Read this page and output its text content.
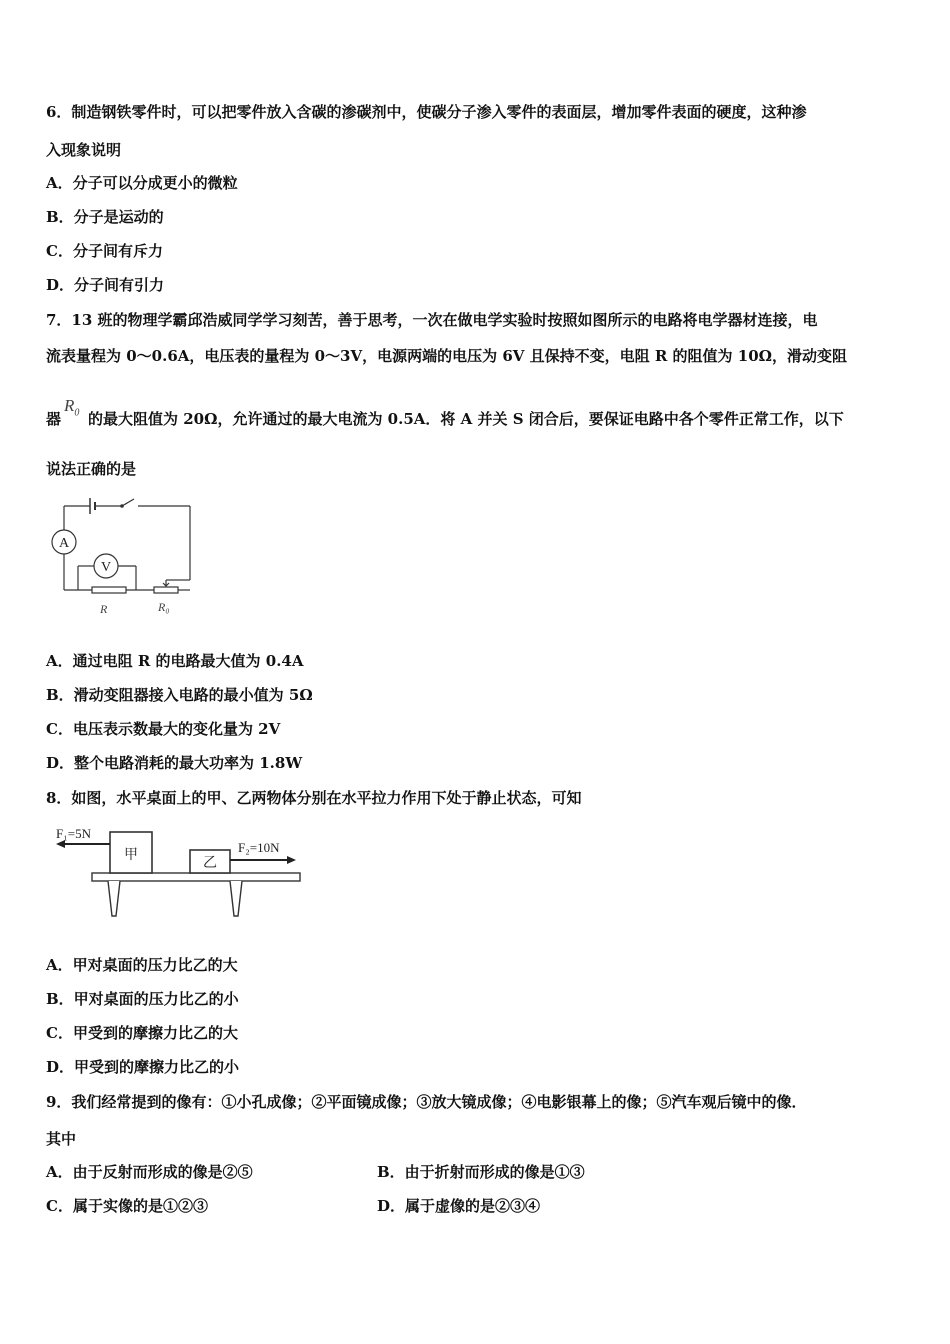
6．制造钢铁零件时，可以把零件放入含碳的渗碳剂中，使碳分子渗入零件的表面层，增加零件表面的硬度，这种渗
入现象说明
A．分子可以分成更小的微粒
B．分子是运动的
C．分子间有斥力
D．分子间有引力
7．13 班的物理学霸邱浩威同学学习刻苦，善于思考，一次在做电学实验时按照如图所示的电路将电学器材连接，电
流表量程为 0～0.6A，电压表的量程为 0～3V，电源两端的电压为 6V 且保持不变，电阻 R 的阻值为 10Ω，滑动变阻
器
$R_0$ 的最大阻值为 20Ω，允许通过的最大电流为 0.5A．将 A 并关 S 闭合后，要保证电路中各个零件正常工作，以下
说法正确的是
A
V
R	R₀
A．通过电阻 R 的电路最大值为 0.4A
B．滑动变阻器接入电路的最小值为 5Ω
C．电压表示数最大的变化量为 2V
D．整个电路消耗的最大功率为 1.8W
8．如图，水平桌面上的甲、乙两物体分别在水平拉力作用下处于静止状态，可知
甲
乙
F₁=5N
F₂=10N
A．甲对桌面的压力比乙的大
B．甲对桌面的压力比乙的小
C．甲受到的摩擦力比乙的大
D．甲受到的摩擦力比乙的小
9．我们经常提到的像有：①小孔成像；②平面镜成像；③放大镜成像；④电影银幕上的像；⑤汽车观后镜中的像．
其中
A．由于反射而形成的像是②⑤	B．由于折射而形成的像是①③
C．属于实像的是①②③	D．属于虚像的是②③④
